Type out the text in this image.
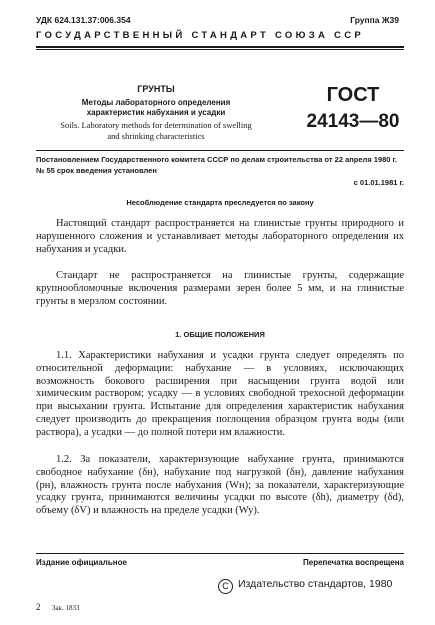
УДК 624.131.37:006.354	Группа Ж39
ГОСУДАРСТВЕННЫЙ СТАНДАРТ СОЮЗА ССР
ГРУНТЫ
Методы лабораторного определения
характеристик набухания и усадки
Soils. Laboratory methods for determination of swelling
and shrinking characteristics
ГОСТ
24143—80
Постановлением Государственного комитета СССР по делам строительства от 22 апреля 1980 г. № 55 срок введения установлен
с 01.01.1981 г.
Несоблюдение стандарта преследуется по закону
Настоящий стандарт распространяется на глинистые грунты природного и нарушенного сложения и устанавливает методы лабораторного определения их набухания и усадки.
Стандарт не распространяется на глинистые грунты, содержащие крупнообломочные включения размерами зерен более 5 мм, и на глинистые грунты в мерзлом состоянии.
1. ОБЩИЕ ПОЛОЖЕНИЯ
1.1. Характеристики набухания и усадки грунта следует определять по относительной деформации: набухание — в условиях, исключающих возможность бокового расширения при насыщении грунта водой или химическим раствором; усадку — в условиях свободной трехосной деформации при высыхании грунта. Испытание для определения характеристик набухания следует производить до прекращения поглощения образцом грунта воды (или раствора), а усадки — до полной потери им влажности.
1.2. За показатели, характеризующие набухание грунта, принимаются свободное набухание (δн), набухание под нагрузкой (δн), давление набухания (pн), влажность грунта после набухания (Wн); за показатели, характеризующие усадку грунта, принимаются величины усадки по высоте (δh), диаметру (δd), объему (δV) и влажность на пределе усадки (Wy).
Издание официальное	Перепечатка воспрещена
C Издательство стандартов, 1980
2 Зак. 1833
